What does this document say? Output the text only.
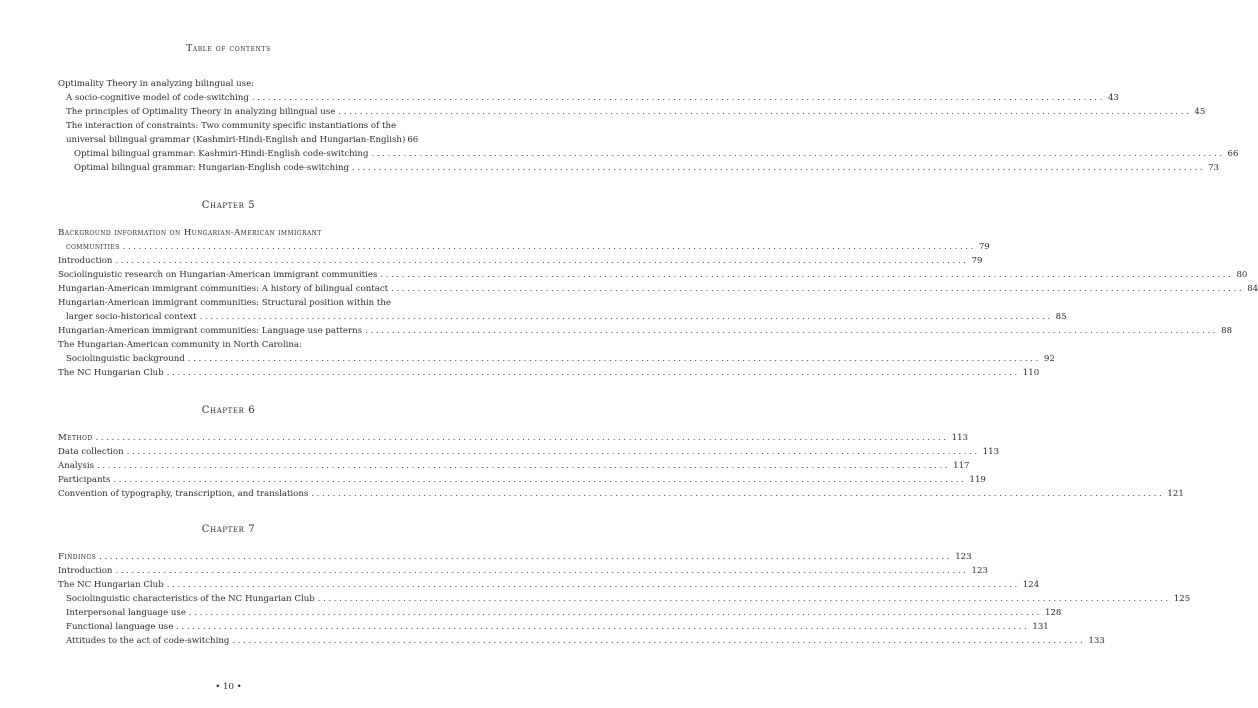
Table of contents
Optimality Theory in analyzing bilingual use:
A socio-cognitive model of code-switching ................................................................................................................................................................ 43
The principles of Optimality Theory in analyzing bilingual use ................................................................................................................................................................ 45
The interaction of constraints: Two community specific instantiations of the
universal bilingual grammar (Kashmiri-Hindi-English and Hungarian-English) 66
Optimal bilingual grammar: Kashmiri-Hindi-English code-switching ................................................................................................................................................................ 66
Optimal bilingual grammar: Hungarian-English code-switching ................................................................................................................................................................ 73
Chapter 5
Background information on Hungarian-American immigrant
communities ................................................................................................................................................................ 79
Introduction ................................................................................................................................................................ 79
Sociolinguistic research on Hungarian-American immigrant communities ................................................................................................................................................................ 80
Hungarian-American immigrant communities: A history of bilingual contact ................................................................................................................................................................ 84
Hungarian-American immigrant communities: Structural position within the
larger socio-historical context ................................................................................................................................................................ 85
Hungarian-American immigrant communities: Language use patterns ................................................................................................................................................................ 88
The Hungarian-American community in North Carolina:
Sociolinguistic background ................................................................................................................................................................ 92
The NC Hungarian Club ................................................................................................................................................................ 110
Chapter 6
Method ................................................................................................................................................................ 113
Data collection ................................................................................................................................................................ 113
Analysis ................................................................................................................................................................ 117
Participants ................................................................................................................................................................ 119
Convention of typography, transcription, and translations ................................................................................................................................................................ 121
Chapter 7
Findings ................................................................................................................................................................ 123
Introduction ................................................................................................................................................................ 123
The NC Hungarian Club ................................................................................................................................................................ 124
Sociolinguistic characteristics of the NC Hungarian Club ................................................................................................................................................................ 125
Interpersonal language use ................................................................................................................................................................ 128
Functional language use ................................................................................................................................................................ 131
Attitudes to the act of code-switching ................................................................................................................................................................ 133
• 10 •
